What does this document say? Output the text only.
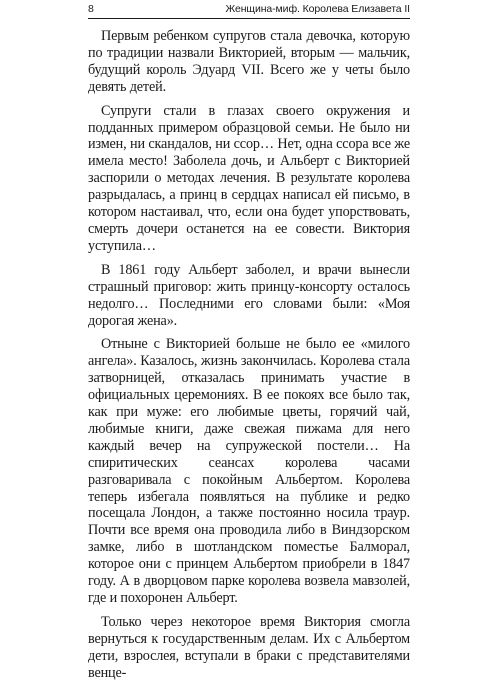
8	Женщина-миф. Королева Елизавета II

Первым ребенком супругов стала девочка, которую по традиции назвали Викторией, вторым — мальчик, будущий король Эдуард VII. Всего же у четы было девять детей.

Супруги стали в глазах своего окружения и подданных примером образцовой семьи. Не было ни измен, ни скандалов, ни ссор… Нет, одна ссора все же имела место! Заболела дочь, и Альберт с Викторией заспорили о методах лечения. В результате королева разрыдалась, а принц в сердцах написал ей письмо, в котором настаивал, что, если она будет упорствовать, смерть дочери останется на ее совести. Виктория уступила…

В 1861 году Альберт заболел, и врачи вынесли страшный приговор: жить принцу-консорту осталось недолго… Последними его словами были: «Моя дорогая жена».

Отныне с Викторией больше не было ее «милого ангела». Казалось, жизнь закончилась. Королева стала затворницей, отказалась принимать участие в официальных церемониях. В ее покоях все было так, как при муже: его любимые цветы, горячий чай, любимые книги, даже свежая пижама для него каждый вечер на супружеской постели… На спиритических сеансах королева часами разговаривала с покойным Альбертом. Королева теперь избегала появляться на публике и редко посещала Лондон, а также постоянно носила траур. Почти все время она проводила либо в Виндзорском замке, либо в шотландском поместье Балморал, которое они с принцем Альбертом приобрели в 1847 году. А в дворцовом парке королева возвела мавзолей, где и похоронен Альберт.

Только через некоторое время Виктория смогла вернуться к государственным делам. Их с Альбертом дети, взрослея, вступали в браки с представителями венце-
